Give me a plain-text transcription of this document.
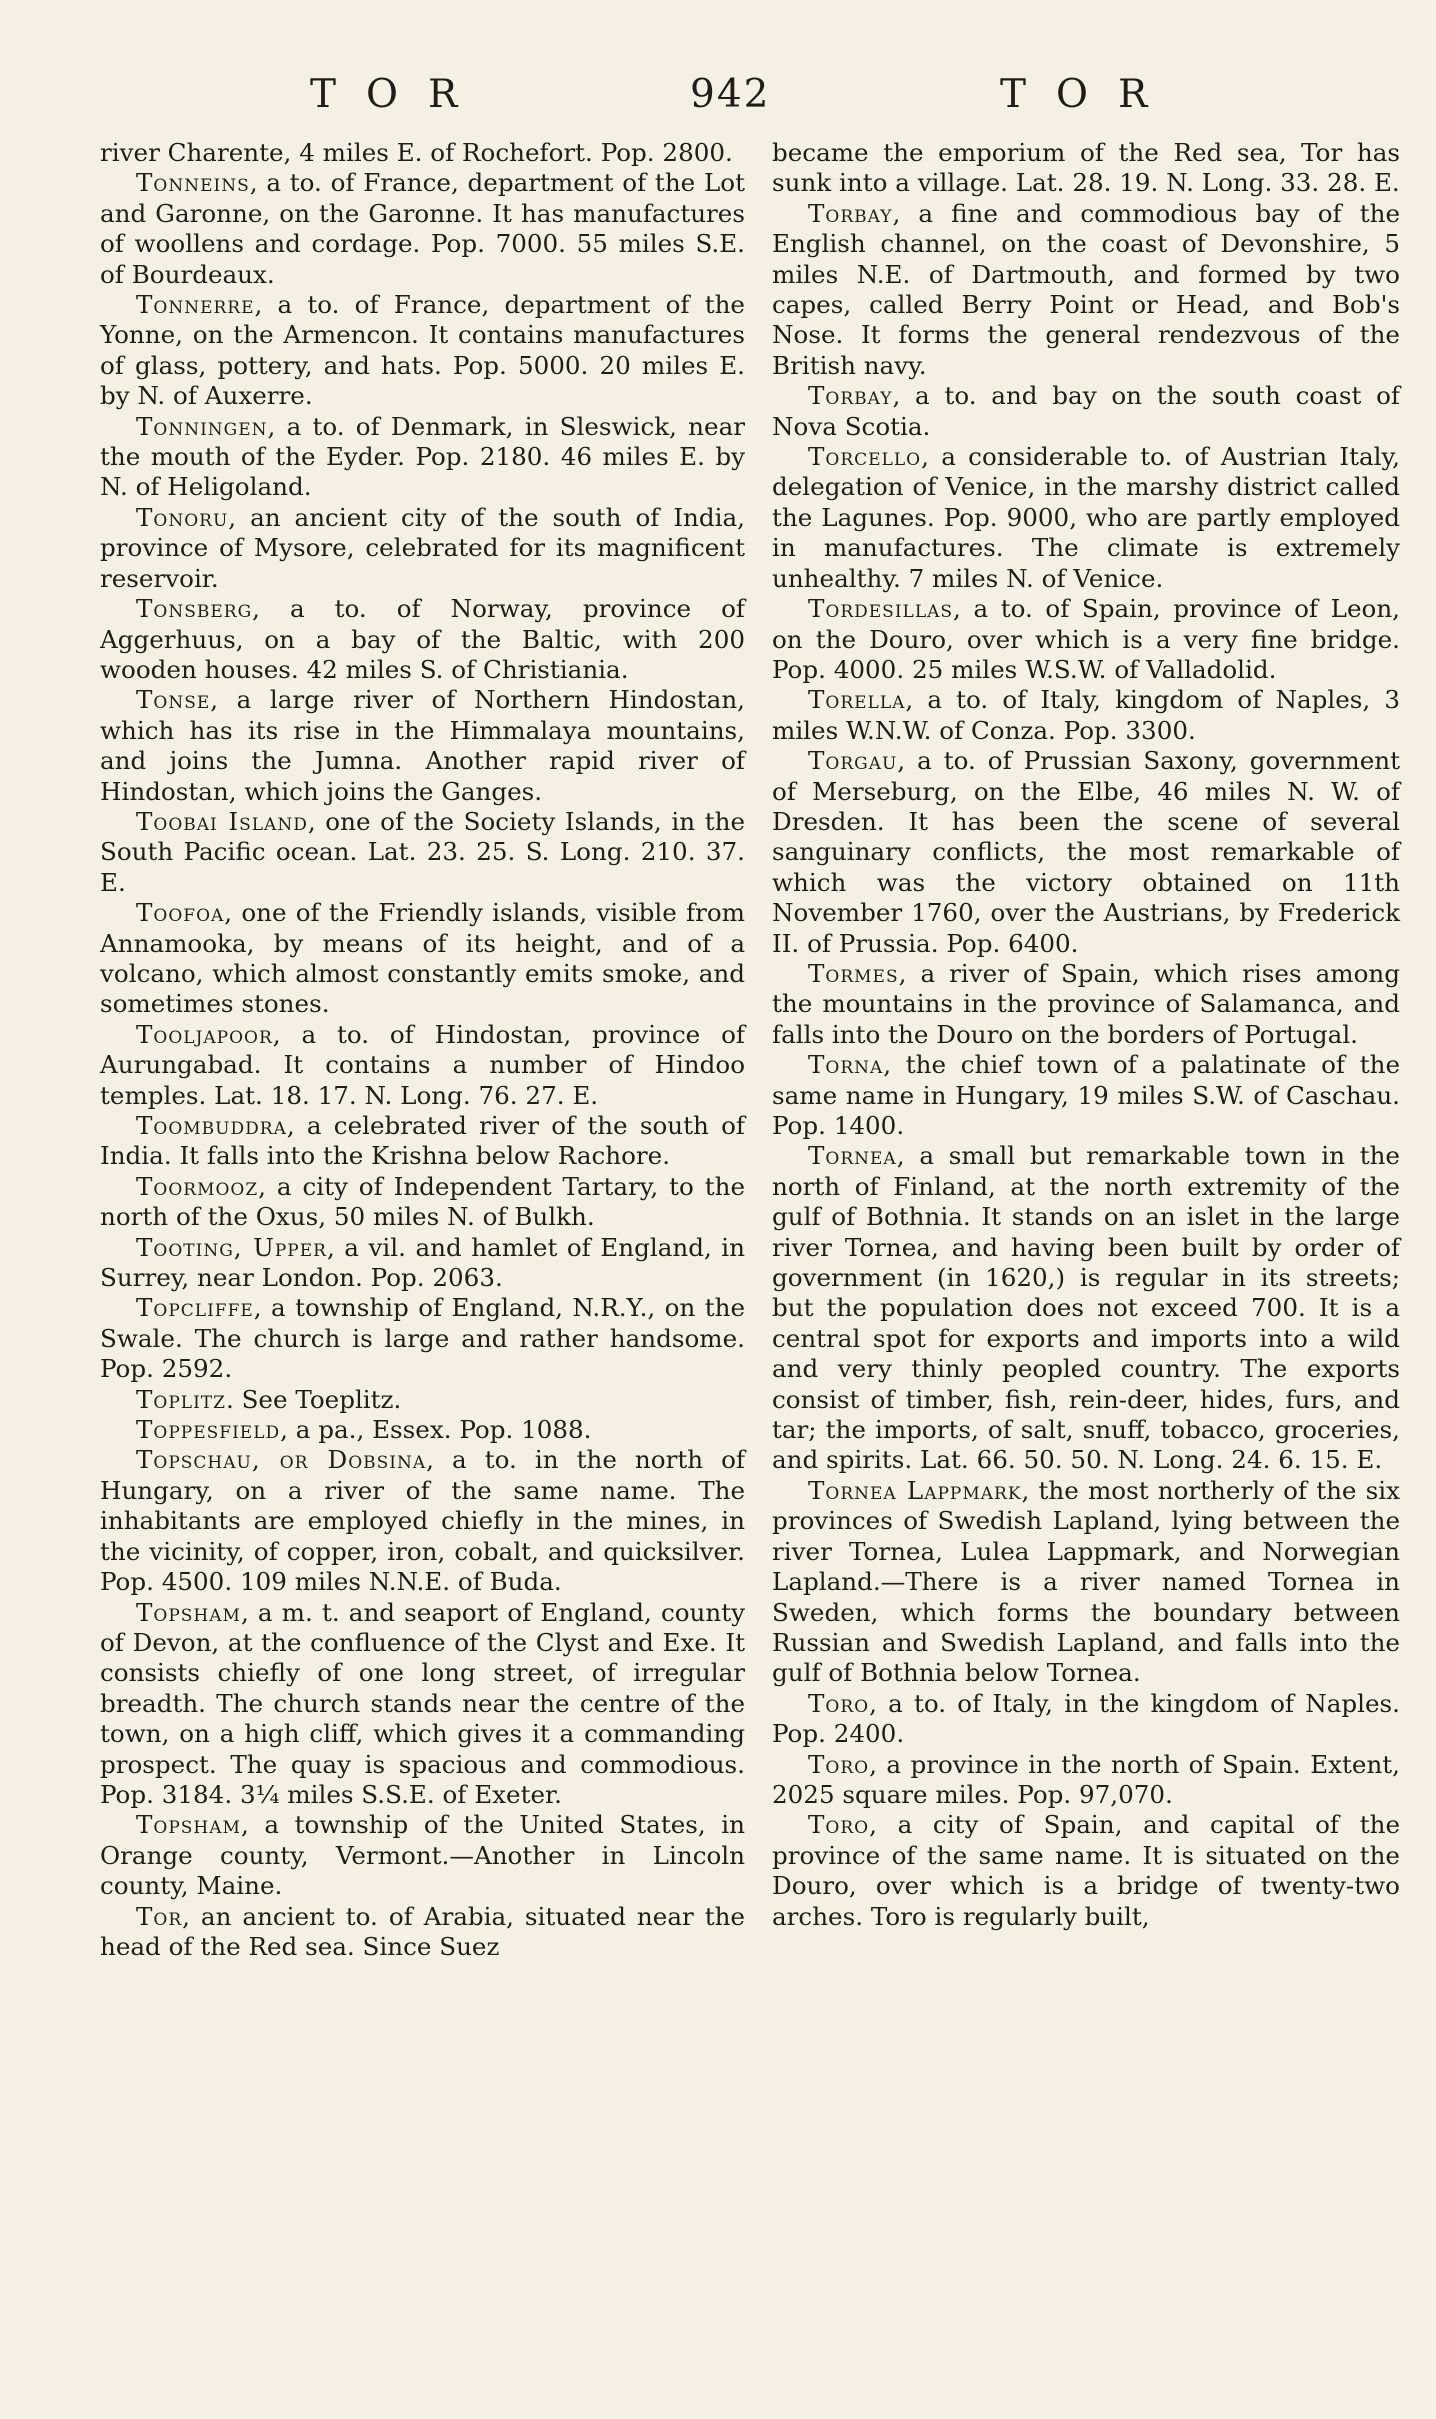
TOR	942	TOR

river Charente, 4 miles E. of Rochefort. Pop. 2800.

Tonneins, a to. of France, department of the Lot and Garonne, on the Garonne. It has manufactures of woollens and cordage. Pop. 7000. 55 miles S.E. of Bourdeaux.

Tonnerre, a to. of France, department of the Yonne, on the Armencon. It contains manufactures of glass, pottery, and hats. Pop. 5000. 20 miles E. by N. of Auxerre.

Tonningen, a to. of Denmark, in Sleswick, near the mouth of the Eyder. Pop. 2180. 46 miles E. by N. of Heligoland.

Tonoru, an ancient city of the south of India, province of Mysore, celebrated for its magnificent reservoir.

Tonsberg, a to. of Norway, province of Aggerhuus, on a bay of the Baltic, with 200 wooden houses. 42 miles S. of Christiania.

Tonse, a large river of Northern Hindostan, which has its rise in the Himmalaya mountains, and joins the Jumna. Another rapid river of Hindostan, which joins the Ganges.

Toobai Island, one of the Society Islands, in the South Pacific ocean. Lat. 23. 25. S. Long. 210. 37. E.

Toofoa, one of the Friendly islands, visible from Annamooka, by means of its height, and of a volcano, which almost constantly emits smoke, and sometimes stones.

Tooljapoor, a to. of Hindostan, province of Aurungabad. It contains a number of Hindoo temples. Lat. 18. 17. N. Long. 76. 27. E.

Toombuddra, a celebrated river of the south of India. It falls into the Krishna below Rachore.

Toormooz, a city of Independent Tartary, to the north of the Oxus, 50 miles N. of Bulkh.

Tooting, Upper, a vil. and hamlet of England, in Surrey, near London. Pop. 2063.

Topcliffe, a township of England, N.R.Y., on the Swale. The church is large and rather handsome. Pop. 2592.

Toplitz. See Toeplitz.

Toppesfield, a pa., Essex. Pop. 1088.

Topschau, or Dobsina, a to. in the north of Hungary, on a river of the same name. The inhabitants are employed chiefly in the mines, in the vicinity, of copper, iron, cobalt, and quicksilver. Pop. 4500. 109 miles N.N.E. of Buda.

Topsham, a m. t. and seaport of England, county of Devon, at the confluence of the Clyst and Exe. It consists chiefly of one long street, of irregular breadth. The church stands near the centre of the town, on a high cliff, which gives it a commanding prospect. The quay is spacious and commodious. Pop. 3184. 3¼ miles S.S.E. of Exeter.

Topsham, a township of the United States, in Orange county, Vermont.—Another in Lincoln county, Maine.

Tor, an ancient to. of Arabia, situated near the head of the Red sea. Since Suez

became the emporium of the Red sea, Tor has sunk into a village. Lat. 28. 19. N. Long. 33. 28. E.

Torbay, a fine and commodious bay of the English channel, on the coast of Devonshire, 5 miles N.E. of Dartmouth, and formed by two capes, called Berry Point or Head, and Bob's Nose. It forms the general rendezvous of the British navy.

Torbay, a to. and bay on the south coast of Nova Scotia.

Torcello, a considerable to. of Austrian Italy, delegation of Venice, in the marshy district called the Lagunes. Pop. 9000, who are partly employed in manufactures. The climate is extremely unhealthy. 7 miles N. of Venice.

Tordesillas, a to. of Spain, province of Leon, on the Douro, over which is a very fine bridge. Pop. 4000. 25 miles W.S.W. of Valladolid.

Torella, a to. of Italy, kingdom of Naples, 3 miles W.N.W. of Conza. Pop. 3300.

Torgau, a to. of Prussian Saxony, government of Merseburg, on the Elbe, 46 miles N. W. of Dresden. It has been the scene of several sanguinary conflicts, the most remarkable of which was the victory obtained on 11th November 1760, over the Austrians, by Frederick II. of Prussia. Pop. 6400.

Tormes, a river of Spain, which rises among the mountains in the province of Salamanca, and falls into the Douro on the borders of Portugal.

Torna, the chief town of a palatinate of the same name in Hungary, 19 miles S.W. of Caschau. Pop. 1400.

Tornea, a small but remarkable town in the north of Finland, at the north extremity of the gulf of Bothnia. It stands on an islet in the large river Tornea, and having been built by order of government (in 1620,) is regular in its streets; but the population does not exceed 700. It is a central spot for exports and imports into a wild and very thinly peopled country. The exports consist of timber, fish, rein-deer, hides, furs, and tar; the imports, of salt, snuff, tobacco, groceries, and spirits. Lat. 66. 50. 50. N. Long. 24. 6. 15. E.

Tornea Lappmark, the most northerly of the six provinces of Swedish Lapland, lying between the river Tornea, Lulea Lappmark, and Norwegian Lapland.—There is a river named Tornea in Sweden, which forms the boundary between Russian and Swedish Lapland, and falls into the gulf of Bothnia below Tornea.

Toro, a to. of Italy, in the kingdom of Naples. Pop. 2400.

Toro, a province in the north of Spain. Extent, 2025 square miles. Pop. 97,070.

Toro, a city of Spain, and capital of the province of the same name. It is situated on the Douro, over which is a bridge of twenty-two arches. Toro is regularly built,
